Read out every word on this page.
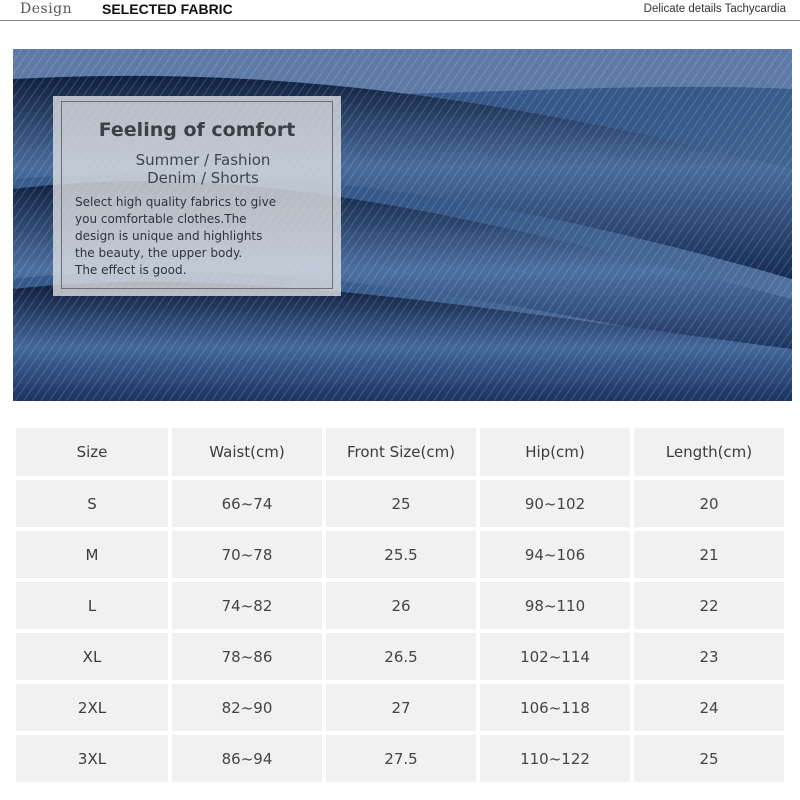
Design SELECTED FABRIC	Delicate details Tachycardia
Feeling of comfort
Summer / Fashion
Denim / Shorts
Select high quality fabrics to give
you comfortable clothes.The
design is unique and highlights
the beauty, the upper body.
The effect is good.
Size	Waist(cm)	Front Size(cm)	Hip(cm)	Length(cm)
S	66~74	25	90~102	20
M	70~78	25.5	94~106	21
L	74~82	26	98~110	22
XL	78~86	26.5	102~114	23
2XL	82~90	27	106~118	24
3XL	86~94	27.5	110~122	25
